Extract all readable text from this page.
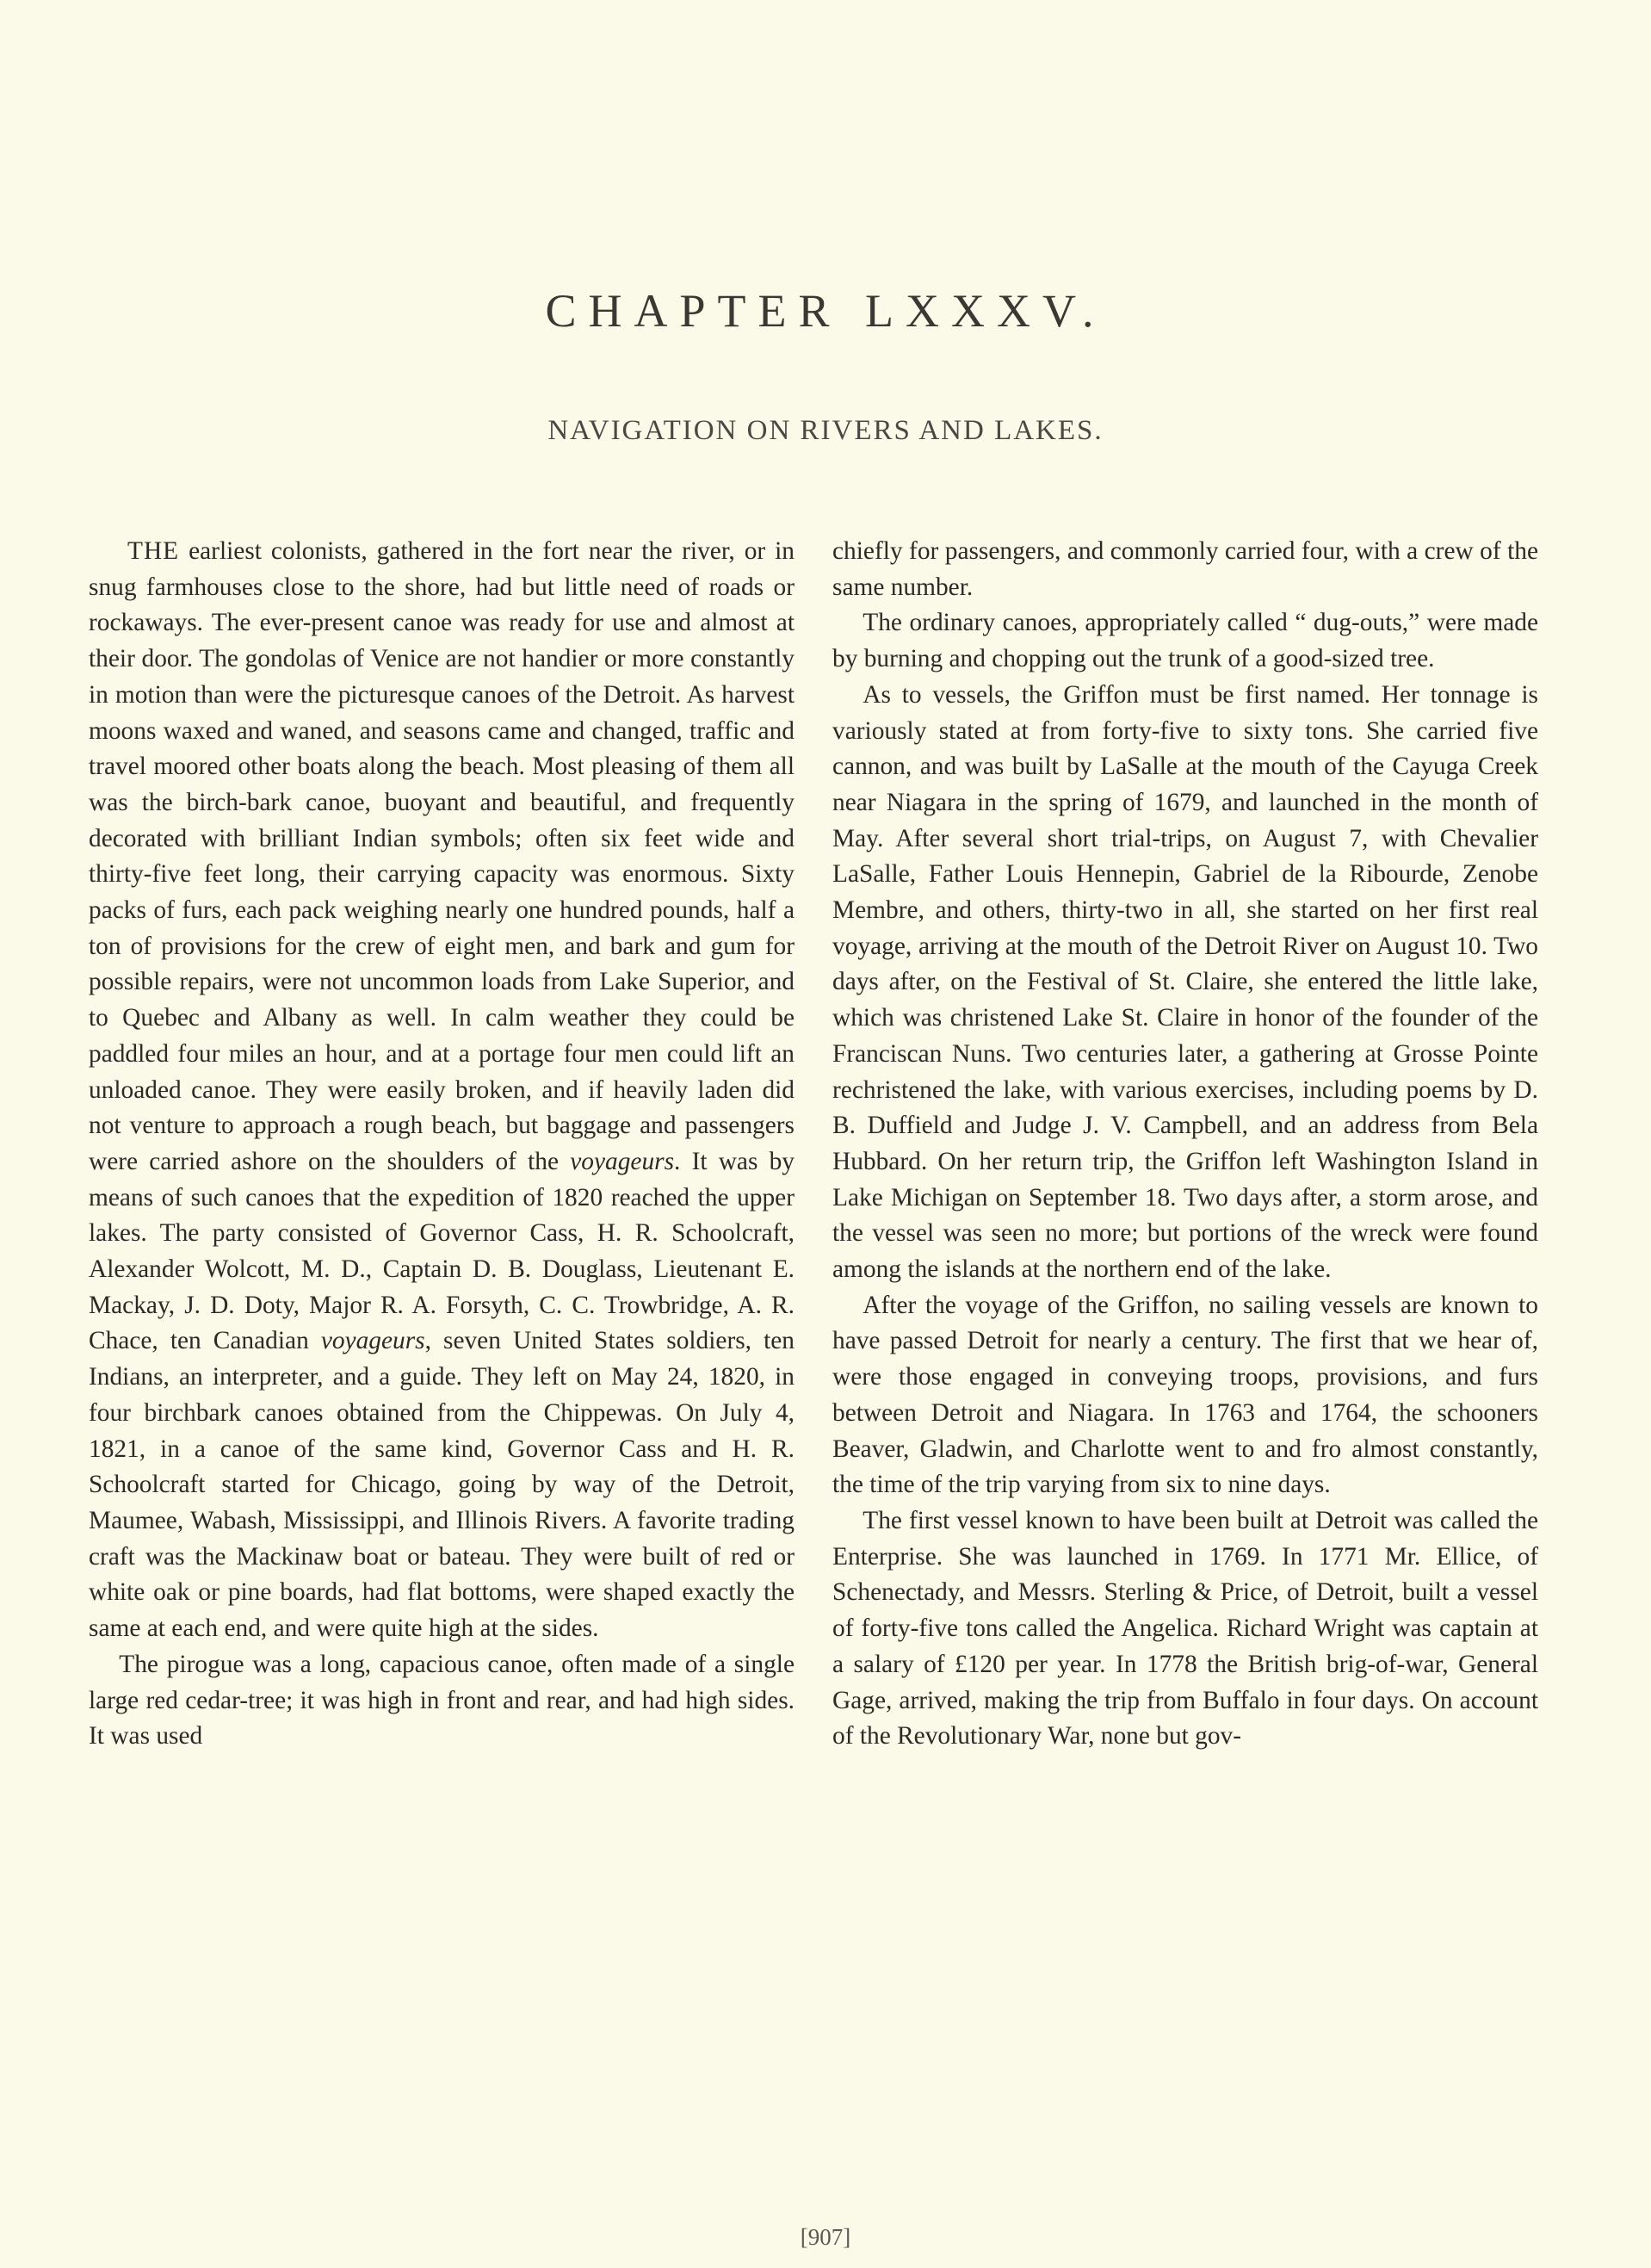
CHAPTER LXXXV.
NAVIGATION ON RIVERS AND LAKES.

THE earliest colonists, gathered in the fort near the river, or in snug farmhouses close to the shore, had but little need of roads or rockaways. The ever-present canoe was ready for use and almost at their door. The gondolas of Venice are not handier or more constantly in motion than were the picturesque canoes of the Detroit. As harvest moons waxed and waned, and seasons came and changed, traffic and travel moored other boats along the beach. Most pleasing of them all was the birch-bark canoe, buoyant and beautiful, and frequently decorated with brilliant Indian symbols; often six feet wide and thirty-five feet long, their carrying capacity was enormous. Sixty packs of furs, each pack weighing nearly one hundred pounds, half a ton of provisions for the crew of eight men, and bark and gum for possible repairs, were not uncommon loads from Lake Superior, and to Quebec and Albany as well. In calm weather they could be paddled four miles an hour, and at a portage four men could lift an unloaded canoe. They were easily broken, and if heavily laden did not venture to approach a rough beach, but baggage and passengers were carried ashore on the shoulders of the voyageurs. It was by means of such canoes that the expedition of 1820 reached the upper lakes. The party consisted of Governor Cass, H. R. Schoolcraft, Alexander Wolcott, M. D., Captain D. B. Douglass, Lieutenant E. Mackay, J. D. Doty, Major R. A. Forsyth, C. C. Trowbridge, A. R. Chace, ten Canadian voyageurs, seven United States soldiers, ten Indians, an interpreter, and a guide. They left on May 24, 1820, in four birchbark canoes obtained from the Chippewas. On July 4, 1821, in a canoe of the same kind, Governor Cass and H. R. Schoolcraft started for Chicago, going by way of the Detroit, Maumee, Wabash, Mississippi, and Illinois Rivers. A favorite trading craft was the Mackinaw boat or bateau. They were built of red or white oak or pine boards, had flat bottoms, were shaped exactly the same at each end, and were quite high at the sides.

The pirogue was a long, capacious canoe, often made of a single large red cedar-tree; it was high in front and rear, and had high sides. It was used

chiefly for passengers, and commonly carried four, with a crew of the same number.

The ordinary canoes, appropriately called “ dug-outs,” were made by burning and chopping out the trunk of a good-sized tree.

As to vessels, the Griffon must be first named. Her tonnage is variously stated at from forty-five to sixty tons. She carried five cannon, and was built by LaSalle at the mouth of the Cayuga Creek near Niagara in the spring of 1679, and launched in the month of May. After several short trial-trips, on August 7, with Chevalier LaSalle, Father Louis Hennepin, Gabriel de la Ribourde, Zenobe Membre, and others, thirty-two in all, she started on her first real voyage, arriving at the mouth of the Detroit River on August 10. Two days after, on the Festival of St. Claire, she entered the little lake, which was christened Lake St. Claire in honor of the founder of the Franciscan Nuns. Two centuries later, a gathering at Grosse Pointe rechristened the lake, with various exercises, including poems by D. B. Duffield and Judge J. V. Campbell, and an address from Bela Hubbard. On her return trip, the Griffon left Washington Island in Lake Michigan on September 18. Two days after, a storm arose, and the vessel was seen no more; but portions of the wreck were found among the islands at the northern end of the lake.

After the voyage of the Griffon, no sailing vessels are known to have passed Detroit for nearly a century. The first that we hear of, were those engaged in conveying troops, provisions, and furs between Detroit and Niagara. In 1763 and 1764, the schooners Beaver, Gladwin, and Charlotte went to and fro almost constantly, the time of the trip varying from six to nine days.

The first vessel known to have been built at Detroit was called the Enterprise. She was launched in 1769. In 1771 Mr. Ellice, of Schenectady, and Messrs. Sterling & Price, of Detroit, built a vessel of forty-five tons called the Angelica. Richard Wright was captain at a salary of £120 per year. In 1778 the British brig-of-war, General Gage, arrived, making the trip from Buffalo in four days. On account of the Revolutionary War, none but gov-

[907]
